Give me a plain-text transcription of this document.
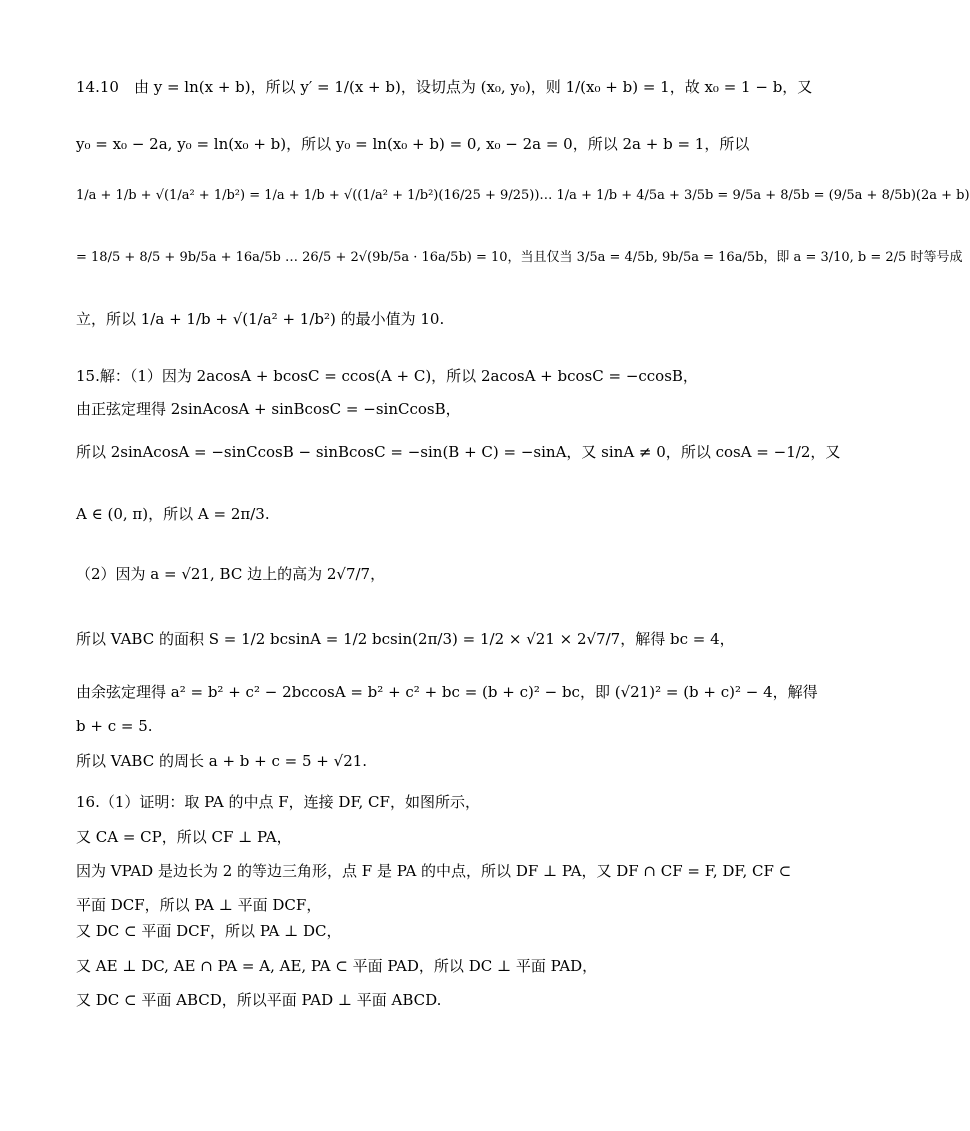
14.10　由 y = ln(x + b)，所以 y′ = 1/(x + b)，设切点为 (x₀, y₀)，则 1/(x₀ + b) = 1，故 x₀ = 1 − b，又
y₀ = x₀ − 2a, y₀ = ln(x₀ + b)，所以 y₀ = ln(x₀ + b) = 0, x₀ − 2a = 0，所以 2a + b = 1，所以
1/a + 1/b + √(1/a² + 1/b²) = 1/a + 1/b + √((1/a² + 1/b²)(16/25 + 9/25))… 1/a + 1/b + 4/5a + 3/5b = 9/5a + 8/5b = (9/5a + 8/5b)(2a + b)
= 18/5 + 8/5 + 9b/5a + 16a/5b … 26/5 + 2√(9b/5a · 16a/5b) = 10，当且仅当 3/5a = 4/5b, 9b/5a = 16a/5b，即 a = 3/10, b = 2/5 时等号成
立，所以 1/a + 1/b + √(1/a² + 1/b²) 的最小值为 10.
15.解：（1）因为 2acosA + bcosC = ccos(A + C)，所以 2acosA + bcosC = −ccosB，
由正弦定理得 2sinAcosA + sinBcosC = −sinCcosB，
所以 2sinAcosA = −sinCcosB − sinBcosC = −sin(B + C) = −sinA，又 sinA ≠ 0，所以 cosA = −1/2，又
A ∈ (0, π)，所以 A = 2π/3.
（2）因为 a = √21, BC 边上的高为 2√7/7，
所以 VABC 的面积 S = 1/2 bcsinA = 1/2 bcsin(2π/3) = 1/2 × √21 × 2√7/7，解得 bc = 4，
由余弦定理得 a² = b² + c² − 2bccosA = b² + c² + bc = (b + c)² − bc，即 (√21)² = (b + c)² − 4，解得
b + c = 5.
所以 VABC 的周长 a + b + c = 5 + √21.
16.（1）证明：取 PA 的中点 F，连接 DF, CF，如图所示，
又 CA = CP，所以 CF ⊥ PA，
因为 VPAD 是边长为 2 的等边三角形，点 F 是 PA 的中点，所以 DF ⊥ PA，又 DF ∩ CF = F, DF, CF ⊂
平面 DCF，所以 PA ⊥ 平面 DCF，
又 DC ⊂ 平面 DCF，所以 PA ⊥ DC，
又 AE ⊥ DC, AE ∩ PA = A, AE, PA ⊂ 平面 PAD，所以 DC ⊥ 平面 PAD，
又 DC ⊂ 平面 ABCD，所以平面 PAD ⊥ 平面 ABCD.
